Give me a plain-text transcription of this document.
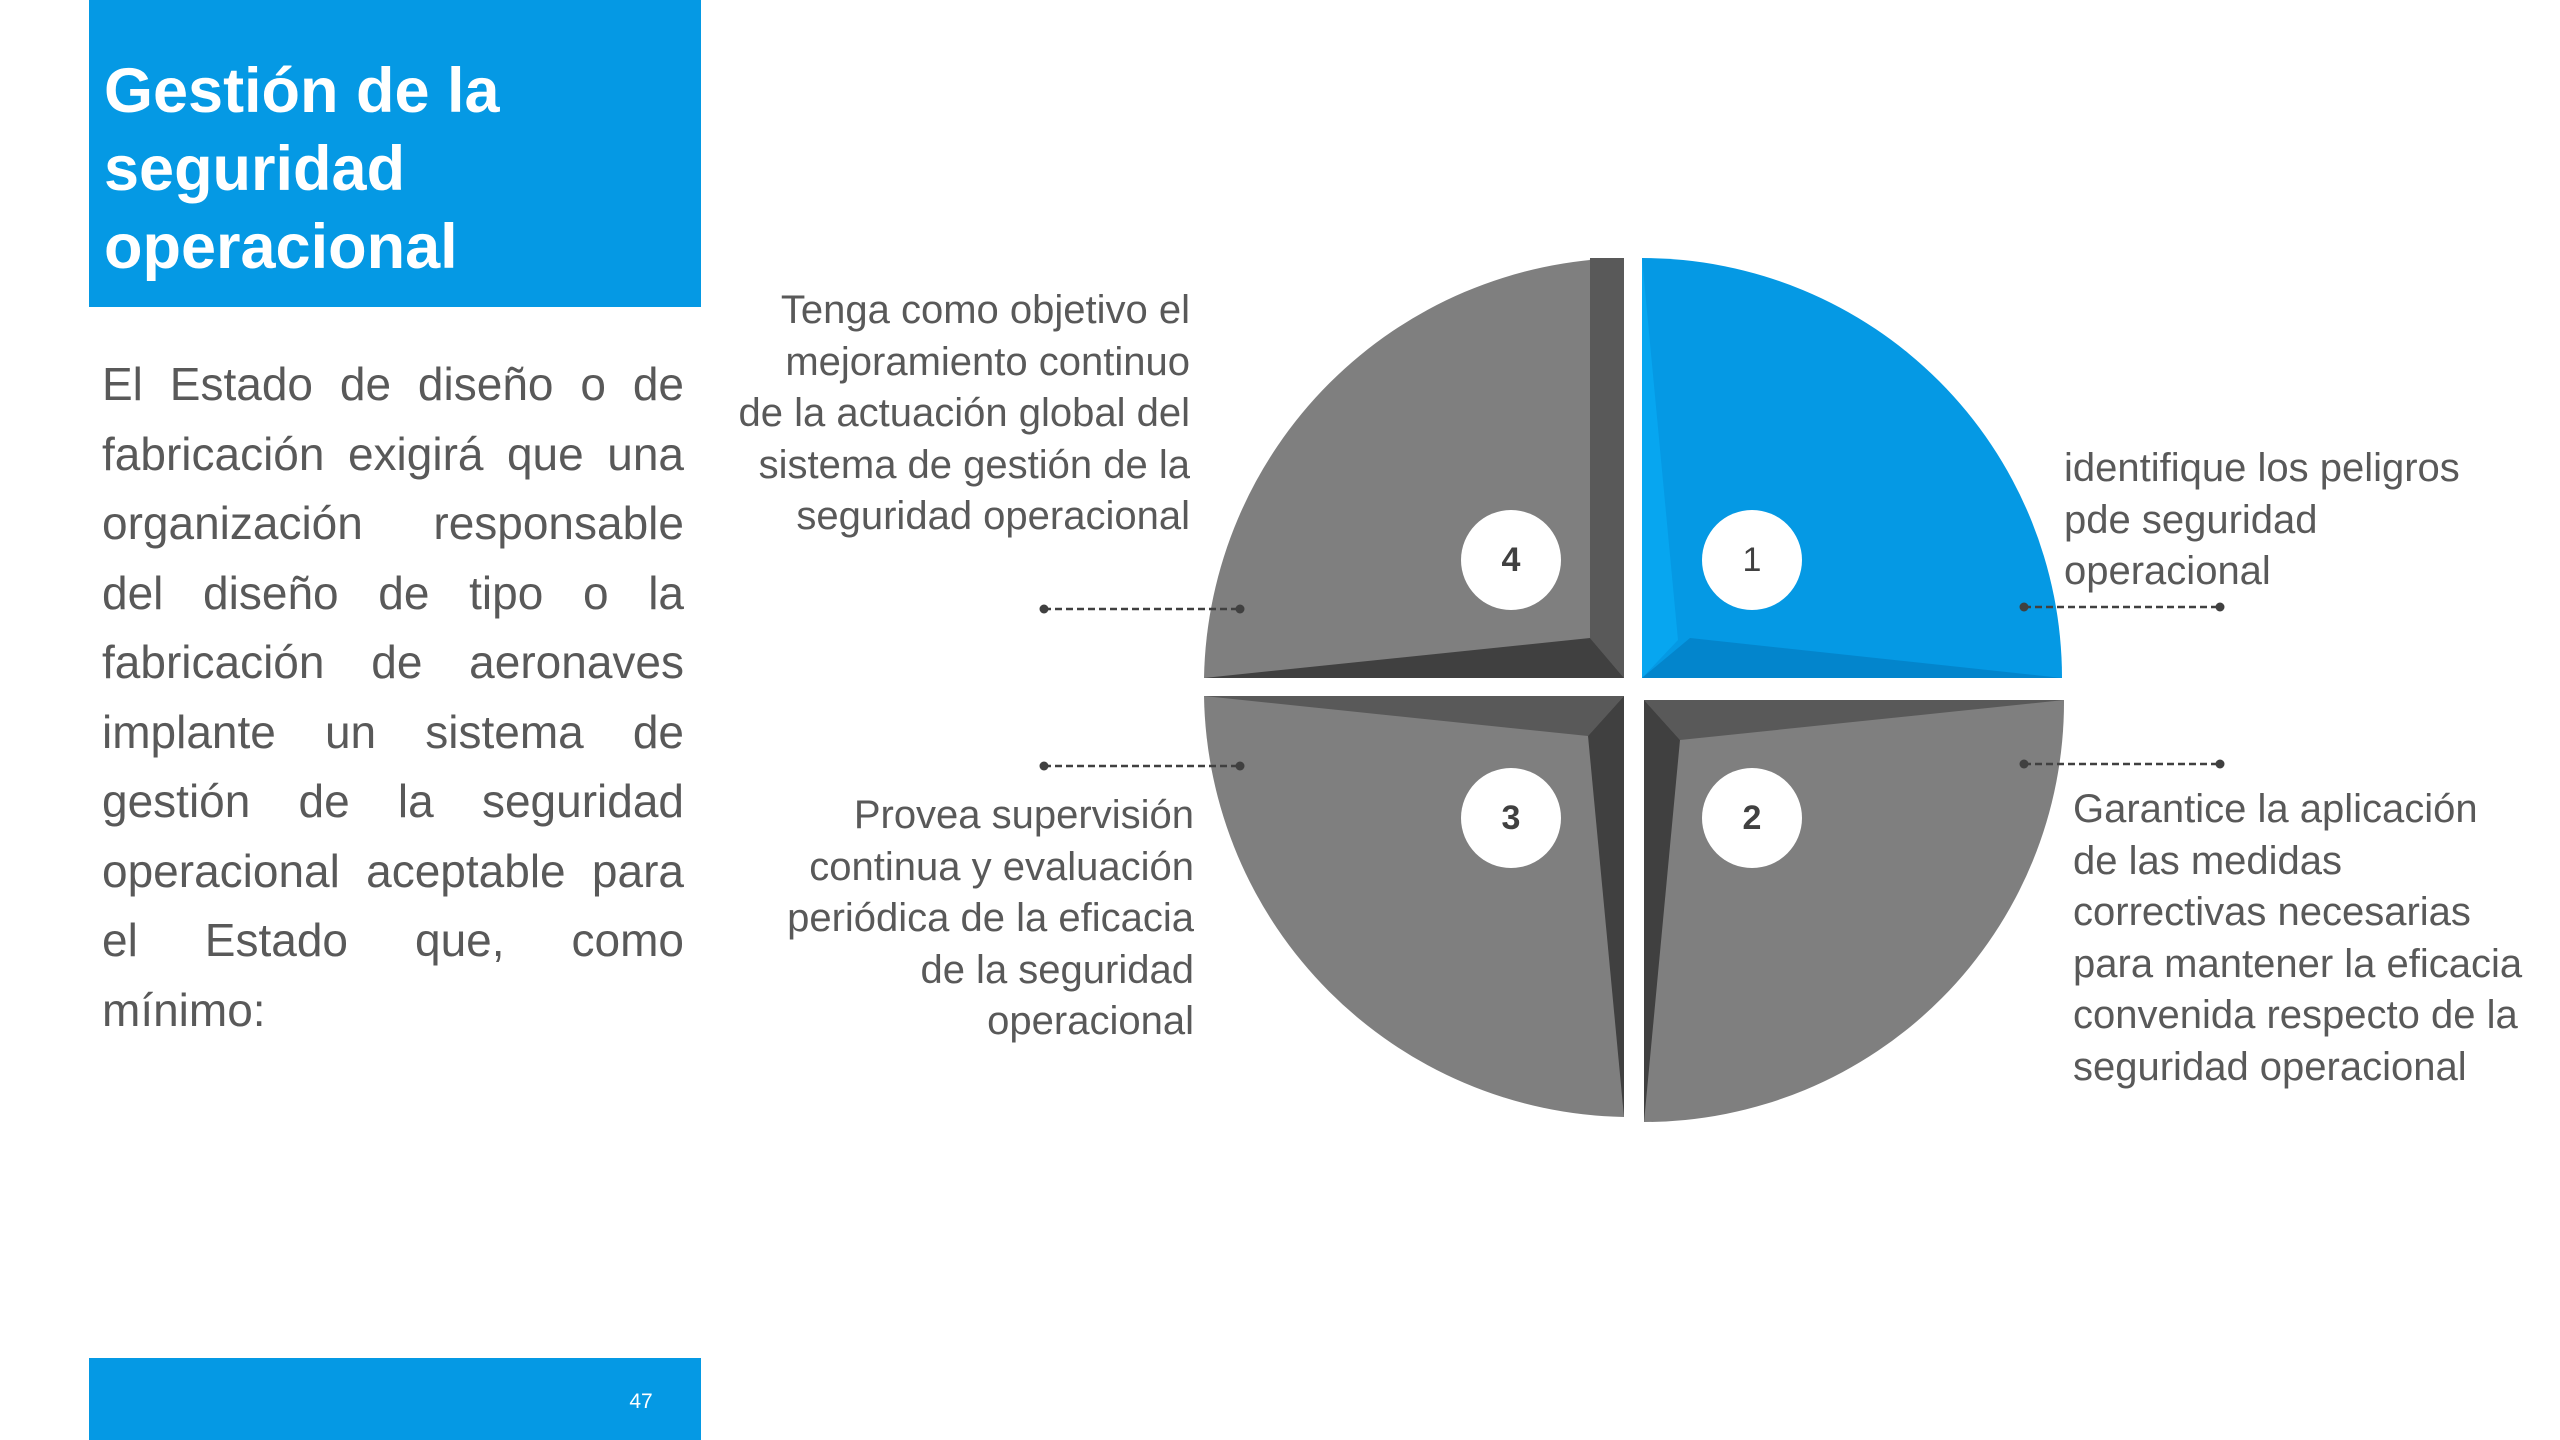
Gestión de la
seguridad
operacional
El Estado de diseño o de fabricación exigirá que una organización responsable del diseño de tipo o la fabricación de aeronaves implante un sistema de gestión de la seguridad operacional aceptable para el Estado que, como mínimo:
4	1
3	2
Tenga como objetivo el
mejoramiento continuo
de la actuación global del
sistema de gestión de la
seguridad operacional
Provea supervisión
continua y evaluación
periódica de la eficacia
de la seguridad
operacional
identifique los peligros
pde seguridad
operacional
Garantice la aplicación
de las medidas
correctivas necesarias
para mantener la eficacia
convenida respecto de la
seguridad operacional
47
